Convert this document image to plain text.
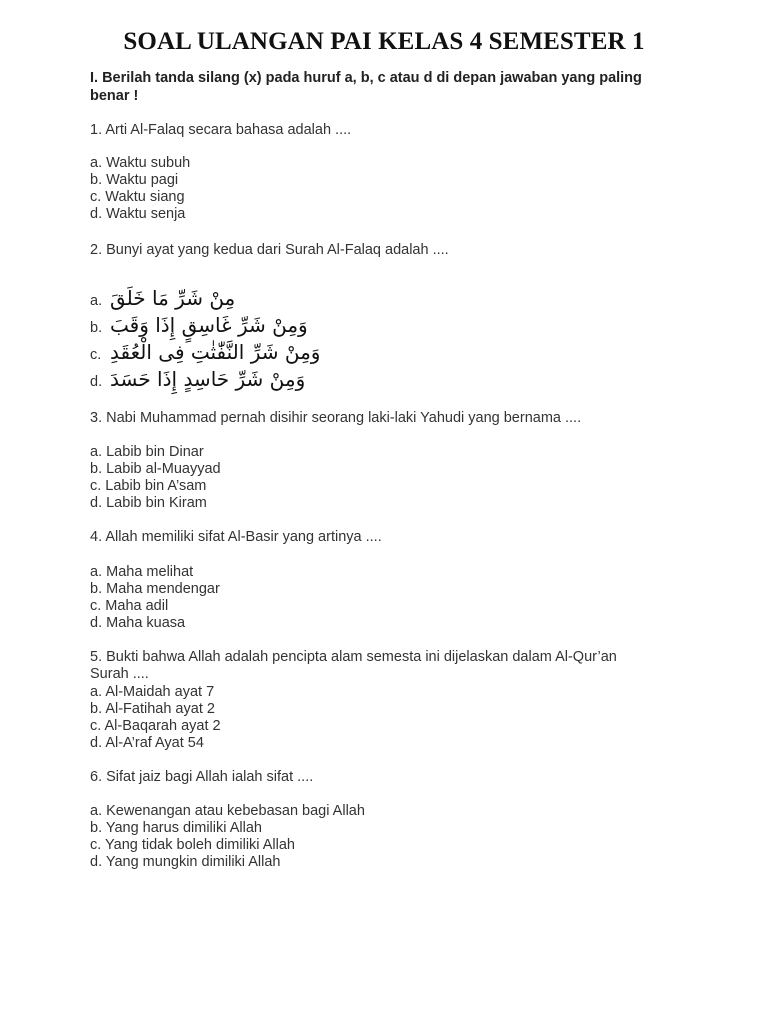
SOAL ULANGAN PAI KELAS 4 SEMESTER 1
I. Berilah tanda silang (x) pada huruf a, b, c atau d di depan jawaban yang paling
benar !
1. Arti Al-Falaq secara bahasa adalah ....
a. Waktu subuh
b. Waktu pagi
c. Waktu siang
d. Waktu senja
2. Bunyi ayat yang kedua dari Surah Al-Falaq adalah ....
a. مِنْ شَرِّ مَا خَلَقَ
b. وَمِنْ شَرِّ غَاسِقٍ إِذَا وَقَبَ
c. وَمِنْ شَرِّ النَّفّٰثٰتِ فِى الْعُقَدِ
d. وَمِنْ شَرِّ حَاسِدٍ إِذَا حَسَدَ
3. Nabi Muhammad pernah disihir seorang laki-laki Yahudi yang bernama ....
a. Labib bin Dinar
b. Labib al-Muayyad
c. Labib bin A’sam
d. Labib bin Kiram
4. Allah memiliki sifat Al-Basir yang artinya ....
a. Maha melihat
b. Maha mendengar
c. Maha adil
d. Maha kuasa
5. Bukti bahwa Allah adalah pencipta alam semesta ini dijelaskan dalam Al-Qur’an
Surah ....
a. Al-Maidah ayat 7
b. Al-Fatihah ayat 2
c. Al-Baqarah ayat 2
d. Al-A’raf Ayat 54
6. Sifat jaiz bagi Allah ialah sifat ....
a. Kewenangan atau kebebasan bagi Allah
b. Yang harus dimiliki Allah
c. Yang tidak boleh dimiliki Allah
d. Yang mungkin dimiliki Allah
